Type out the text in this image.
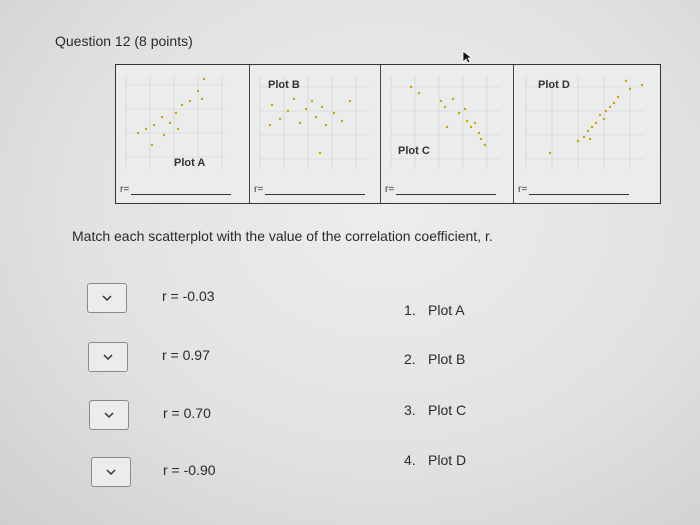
Question 12 (8 points)
Plot A
r=
Plot B
r=
Plot C
r=
Plot D
r=
Match each scatterplot with the value of the correlation coefficient, r.
r = -0.03
r = 0.97
r = 0.70
r = -0.90
1. Plot A
2. Plot B
3. Plot C
4. Plot D
